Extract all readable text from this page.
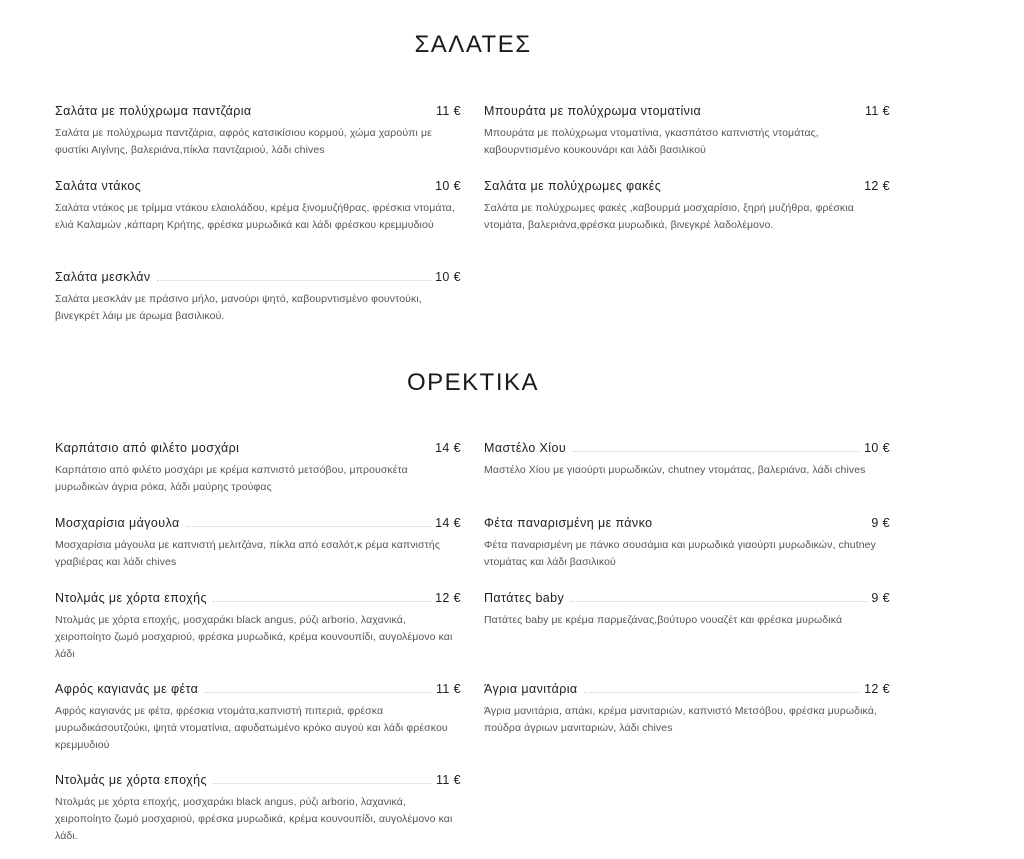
ΣΑΛΑΤΕΣ
Σαλάτα με πολύχρωμα παντζάρια	11 €
Σαλάτα με πολύχρωμα παντζάρια, αφρός κατσικίσιου κορμού, χώμα χαρούπι με φυστίκι Αιγίνης, βαλεριάνα,πίκλα παντζαριού, λάδι chives
Σαλάτα ντάκος	10 €
Σαλάτα ντάκος με τρίμμα ντάκου ελαιολάδου, κρέμα ξινομυζήθρας, φρέσκια ντομάτα, ελιά Καλαμών ,κάπαρη Κρήτης, φρέσκα μυρωδικά και λάδι φρέσκου κρεμμυδιού
Σαλάτα μεσκλάν	10 €
Σαλάτα μεσκλάν με πράσινο μήλο, μανούρι ψητό, καβουρντισμένο φουντούκι, βινεγκρέτ λάιμ με άρωμα βασιλικού.
Μπουράτα με πολύχρωμα ντοματίνια	11 €
Μπουράτα με πολύχρωμα ντοματίνια, γκασπάτσο καπνιστής ντομάτας, καβουρντισμένο κουκουνάρι και λάδι βασιλικού
Σαλάτα με πολύχρωμες φακές	12 €
Σαλάτα με πολύχρωμες φακές ,καβουρμά μοσχαρίσιο, ξηρή μυζήθρα, φρέσκια ντομάτα, βαλεριάνα,φρέσκα μυρωδικά, βινεγκρέ λαδολέμονο.
ΟΡΕΚΤΙΚΑ
Καρπάτσιο από φιλέτο μοσχάρι	14 €
Καρπάτσιο από φιλέτο μοσχάρι με κρέμα καπνιστό μετσόβου, μπρουσκέτα μυρωδικών άγρια ρόκα, λάδι μαύρης τρούφας
Μοσχαρίσια μάγουλα	14 €
Μοσχαρίσια μάγουλα με καπνιστή μελιτζάνα, πίκλα από εσαλότ,κ ρέμα καπνιστής γραβιέρας και λάδι chives
Ντολμάς με χόρτα εποχής	12 €
Ντολμάς με χόρτα εποχής, μοσχαράκι black angus, ρύζι arborio, λαχανικά, χειροποίητο ζωμό μοσχαριού, φρέσκα μυρωδικά, κρέμα κουνουπίδι, αυγολέμονο και λάδι
Αφρός καγιανάς με φέτα	11 €
Αφρός καγιανάς με φέτα, φρέσκια ντομάτα,καπνιστή πιπεριά, φρέσκα μυρωδικάσουτζούκι, ψητά ντοματίνια, αφυδατωμένο κρόκο αυγού και λάδι φρέσκου κρεμμυδιού
Ντολμάς με χόρτα εποχής	11 €
Ντολμάς με χόρτα εποχής, μοσχαράκι black angus, ρύζι arborio, λαχανικά, χειροποίητο ζωμό μοσχαριού, φρέσκα μυρωδικά, κρέμα κουνουπίδι, αυγολέμονο και λάδι.
Μαστέλο Χίου	10 €
Μαστέλο Χίου με γιαούρτι μυρωδικών, chutney ντομάτας, βαλεριάνα, λάδι chives
Φέτα παναρισμένη με πάνκο	9 €
Φέτα παναρισμένη με πάνκο σουσάμια και μυρωδικά γιαούρτι μυρωδικών, chutney ντομάτας και λάδι βασιλικού
Πατάτες baby	9 €
Πατάτες baby με κρέμα παρμεζάνας,βούτυρο νουαζέτ και φρέσκα μυρωδικά
Άγρια μανιτάρια	12 €
Άγρια μανιτάρια, απάκι, κρέμα μανιταριών, καπνιστό Μετσόβου, φρέσκα μυρωδικά, πούδρα άγριων μανιταριών, λάδι chives
